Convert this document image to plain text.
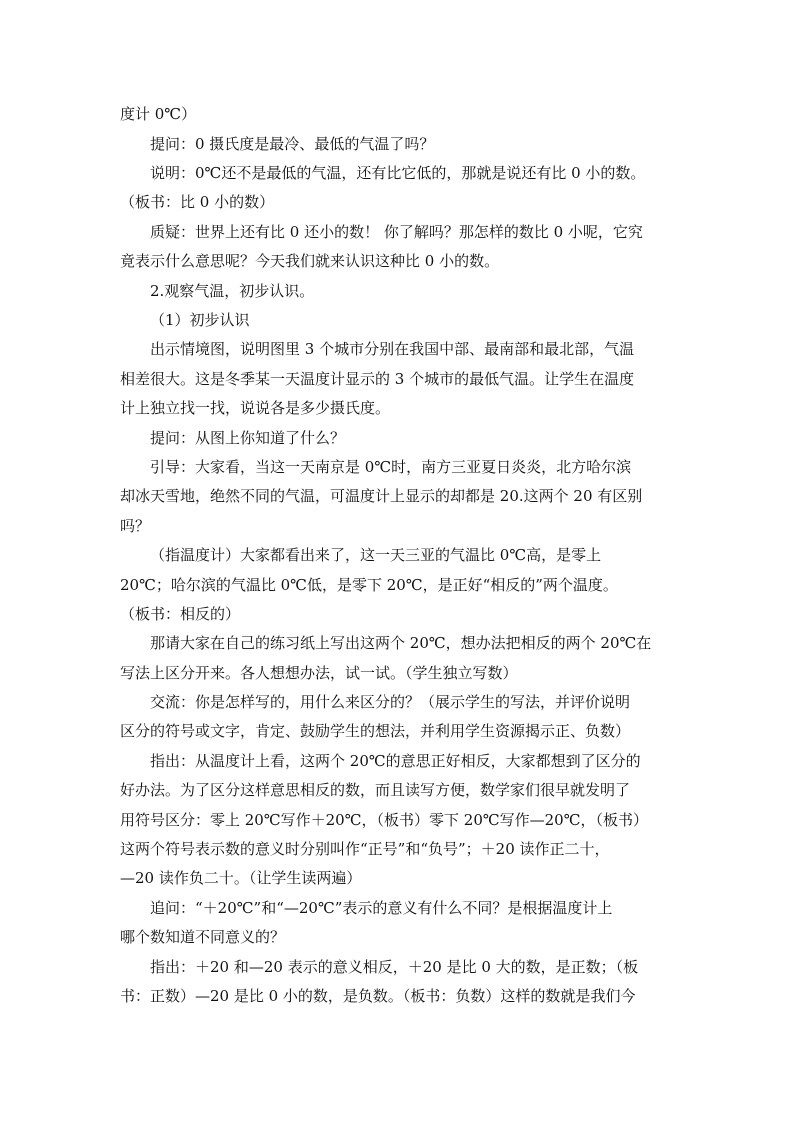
度计 0℃）
提问：0 摄氏度是最冷、最低的气温了吗？
说明：0℃还不是最低的气温，还有比它低的，那就是说还有比 0 小的数。
（板书：比 0 小的数）
质疑：世界上还有比 0 还小的数！ 你了解吗？那怎样的数比 0 小呢，它究
竟表示什么意思呢？今天我们就来认识这种比 0 小的数。
2.观察气温，初步认识。
（1）初步认识
出示情境图，说明图里 3 个城市分别在我国中部、最南部和最北部，气温
相差很大。这是冬季某一天温度计显示的 3 个城市的最低气温。让学生在温度
计上独立找一找，说说各是多少摄氏度。
提问：从图上你知道了什么？
引导：大家看，当这一天南京是 0℃时，南方三亚夏日炎炎，北方哈尔滨
却冰天雪地，绝然不同的气温，可温度计上显示的却都是 20.这两个 20 有区别
吗？
（指温度计）大家都看出来了，这一天三亚的气温比 0℃高，是零上
20℃；哈尔滨的气温比 0℃低，是零下 20℃，是正好“相反的”两个温度。
（板书：相反的）
那请大家在自己的练习纸上写出这两个 20℃，想办法把相反的两个 20℃在
写法上区分开来。各人想想办法，试一试。（学生独立写数）
交流：你是怎样写的，用什么来区分的？（展示学生的写法，并评价说明
区分的符号或文字，肯定、鼓励学生的想法，并利用学生资源揭示正、负数）
指出：从温度计上看，这两个 20℃的意思正好相反，大家都想到了区分的
好办法。为了区分这样意思相反的数，而且读写方便，数学家们很早就发明了
用符号区分：零上 20℃写作＋20℃，（板书）零下 20℃写作—20℃，（板书）
这两个符号表示数的意义时分别叫作“正号”和“负号”；＋20 读作正二十，
—20 读作负二十。（让学生读两遍）
追问：“＋20℃”和“—20℃”表示的意义有什么不同？是根据温度计上
哪个数知道不同意义的？
指出：＋20 和—20 表示的意义相反，＋20 是比 0 大的数，是正数；（板
书：正数）—20 是比 0 小的数，是负数。（板书：负数）这样的数就是我们今
